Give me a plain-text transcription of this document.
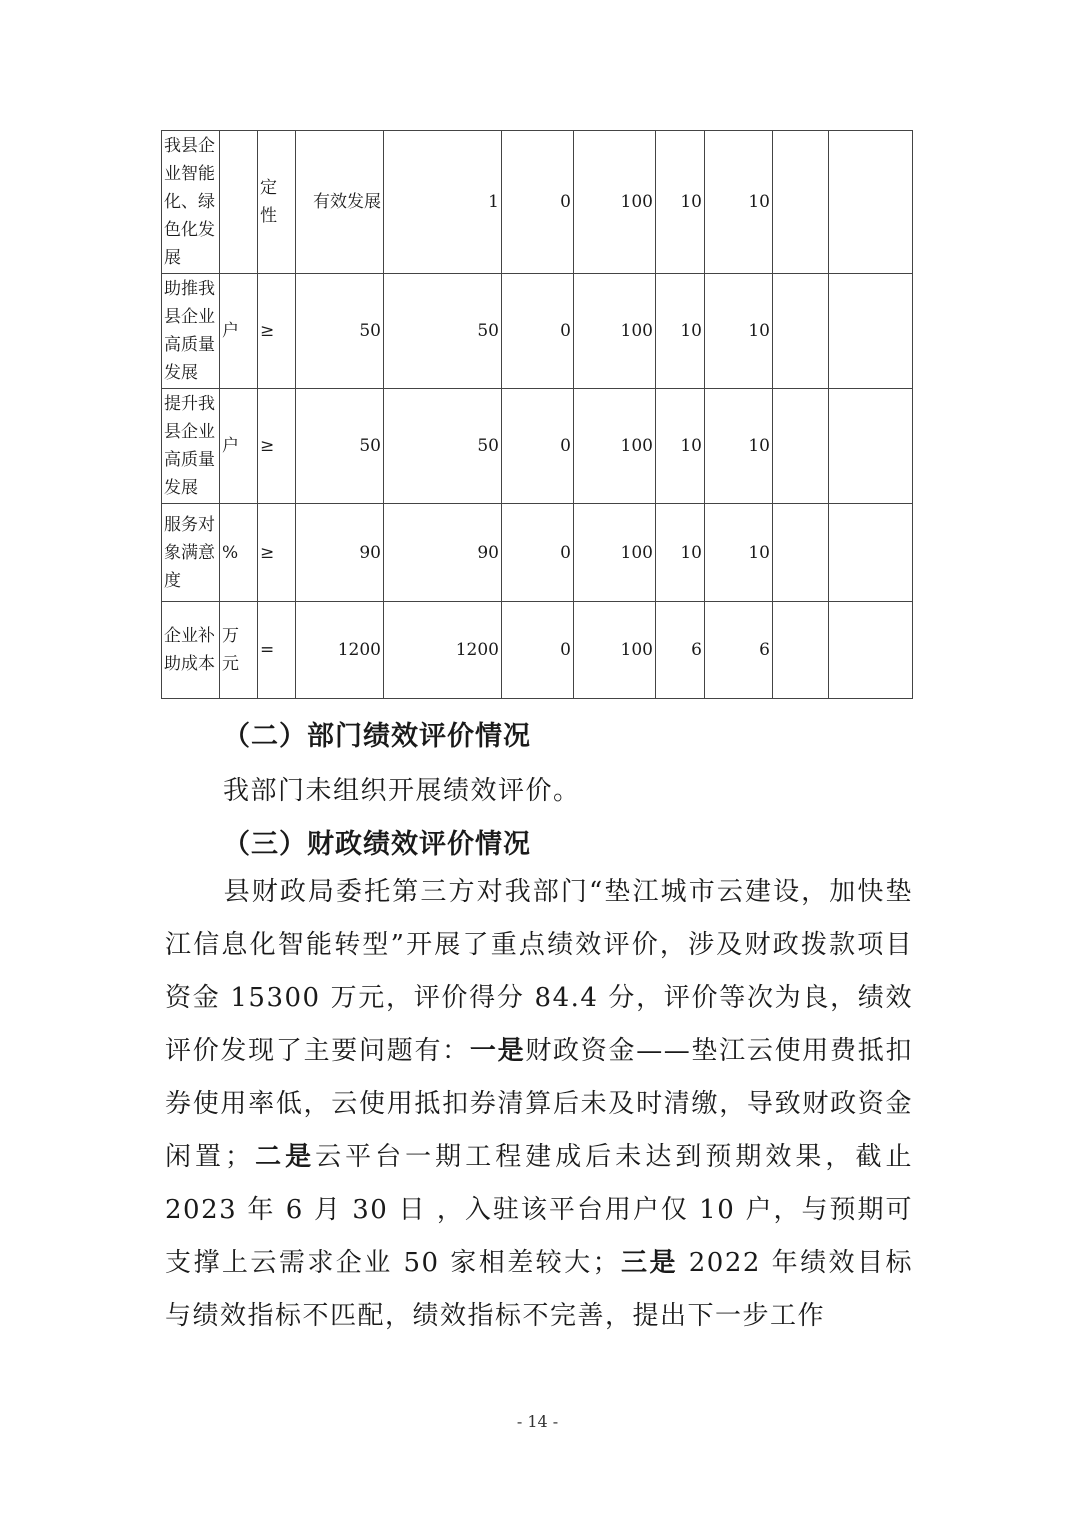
我县企业智能化、绿色化发展		定性	有效发展	1	0	100	10	10		
助推我县企业高质量发展	户	≥	50	50	0	100	10	10		
提升我县企业高质量发展	户	≥	50	50	0	100	10	10		
服务对象满意度	%	≥	90	90	0	100	10	10		
企业补助成本	万元	=	1200	1200	0	100	6	6		
（二）部门绩效评价情况
我部门未组织开展绩效评价。
（三）财政绩效评价情况
县财政局委托第三方对我部门“垫江城市云建设，加快垫江信息化智能转型”开展了重点绩效评价，涉及财政拨款项目资金 15300 万元，评价得分 84.4 分，评价等次为良，绩效评价发现了主要问题有：一是财政资金——垫江云使用费抵扣券使用率低，云使用抵扣券清算后未及时清缴，导致财政资金闲置；二是云平台一期工程建成后未达到预期效果，截止 2023 年 6 月 30 日 ，入驻该平台用户仅 10 户，与预期可支撑上云需求企业 50 家相差较大；三是 2022 年绩效目标与绩效指标不匹配，绩效指标不完善，提出下一步工作
- 14 -
